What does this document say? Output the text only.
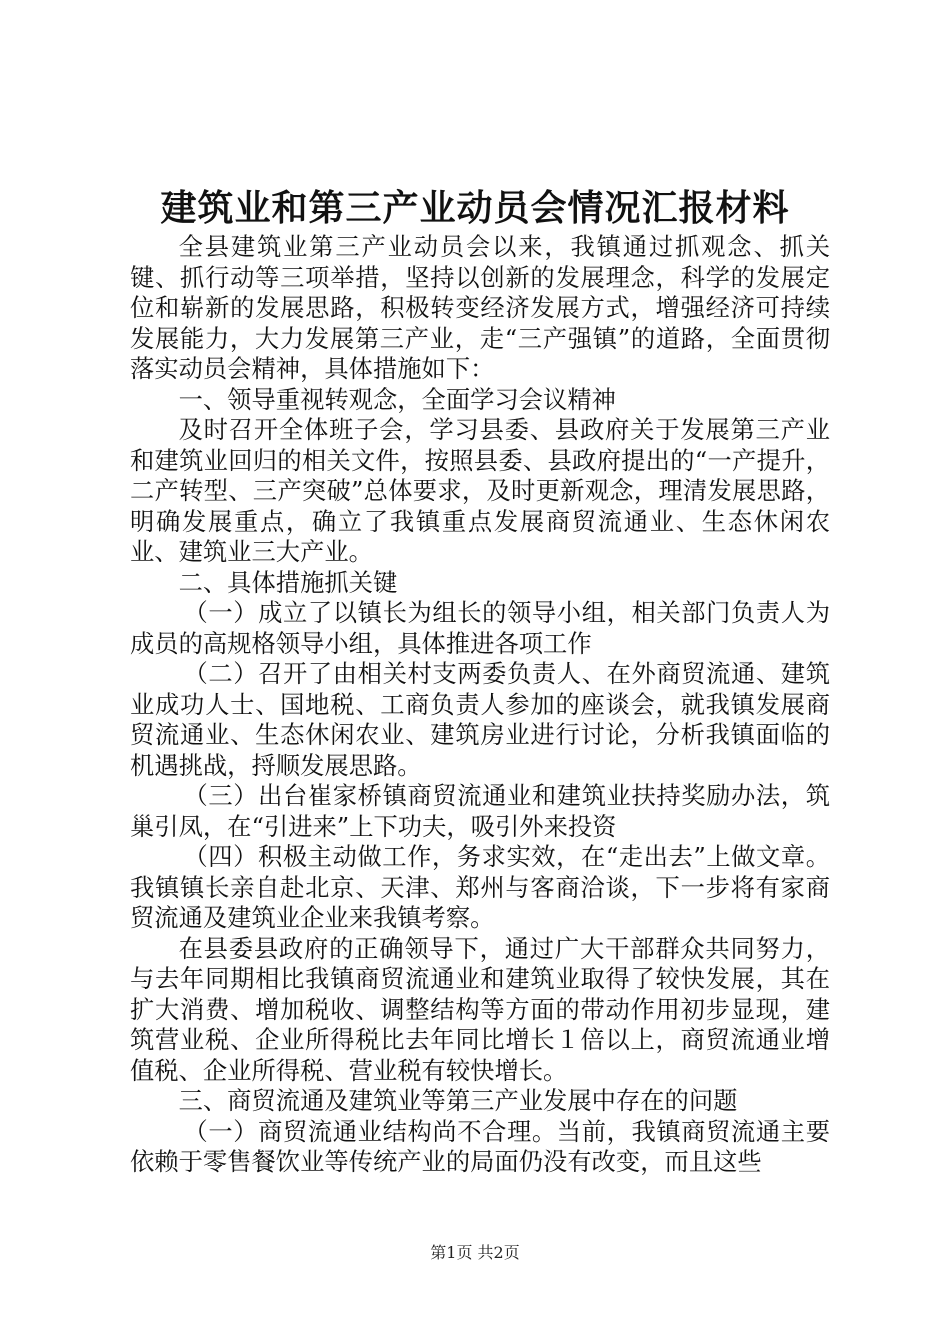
建筑业和第三产业动员会情况汇报材料

全县建筑业第三产业动员会以来，我镇通过抓观念、抓关键、抓行动等三项举措，坚持以创新的发展理念，科学的发展定位和崭新的发展思路，积极转变经济发展方式，增强经济可持续发展能力，大力发展第三产业，走“三产强镇”的道路，全面贯彻落实动员会精神，具体措施如下：

一、领导重视转观念，全面学习会议精神

及时召开全体班子会，学习县委、县政府关于发展第三产业和建筑业回归的相关文件，按照县委、县政府提出的“一产提升，二产转型、三产突破”总体要求，及时更新观念，理清发展思路，明确发展重点，确立了我镇重点发展商贸流通业、生态休闲农业、建筑业三大产业。

二、具体措施抓关键

（一）成立了以镇长为组长的领导小组，相关部门负责人为成员的高规格领导小组，具体推进各项工作

（二）召开了由相关村支两委负责人、在外商贸流通、建筑业成功人士、国地税、工商负责人参加的座谈会，就我镇发展商贸流通业、生态休闲农业、建筑房业进行讨论，分析我镇面临的机遇挑战，捋顺发展思路。

（三）出台崔家桥镇商贸流通业和建筑业扶持奖励办法，筑巢引凤，在“引进来”上下功夫，吸引外来投资

（四）积极主动做工作，务求实效，在“走出去”上做文章。我镇镇长亲自赴北京、天津、郑州与客商洽谈，下一步将有家商贸流通及建筑业企业来我镇考察。

在县委县政府的正确领导下，通过广大干部群众共同努力，与去年同期相比我镇商贸流通业和建筑业取得了较快发展，其在扩大消费、增加税收、调整结构等方面的带动作用初步显现，建筑营业税、企业所得税比去年同比增长１倍以上，商贸流通业增值税、企业所得税、营业税有较快增长。

三、商贸流通及建筑业等第三产业发展中存在的问题

（一）商贸流通业结构尚不合理。当前，我镇商贸流通主要依赖于零售餐饮业等传统产业的局面仍没有改变，而且这些

第1页 共2页
